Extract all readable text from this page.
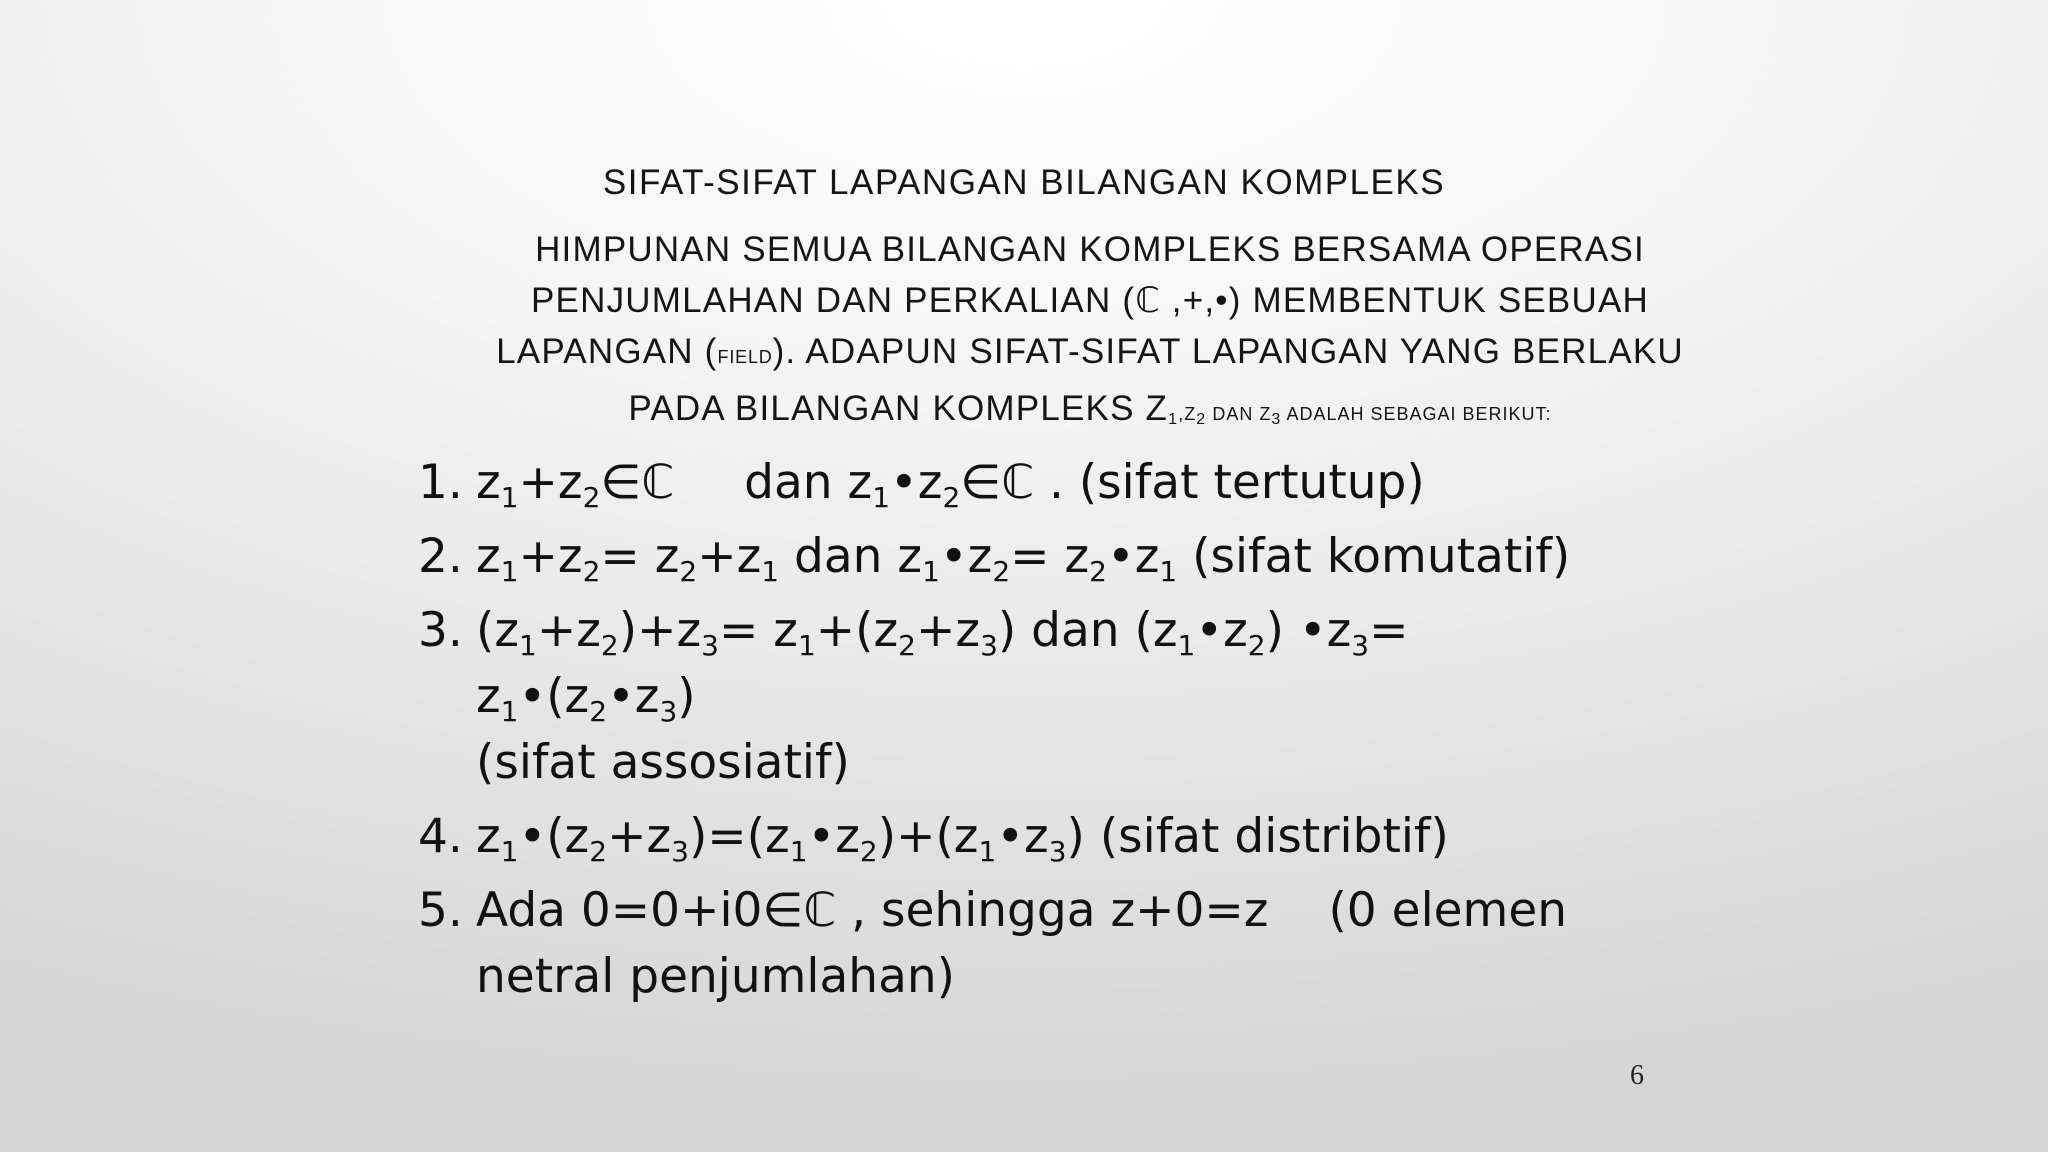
SIFAT-SIFAT LAPANGAN BILANGAN KOMPLEKS
HIMPUNAN SEMUA BILANGAN KOMPLEKS BERSAMA OPERASI
PENJUMLAHAN DAN PERKALIAN (ℂ ,+,•) MEMBENTUK SEBUAH
LAPANGAN (FIELD). ADAPUN SIFAT-SIFAT LAPANGAN YANG BERLAKU
PADA BILANGAN KOMPLEKS $Z_1,Z_2$ DAN $Z_3$ ADALAH SEBAGAI BERIKUT:
1. $z_1+z_2\in ℂ$ dan $z_1•z_2\in ℂ$ . (sifat tertutup)
2. $z_1+z_2= z_2+z_1$ dan $z_1•z_2=$ $z_2•z_1$ (sifat komutatif)
3. $(z_1+z_2)+z_3= z_1+(z_2+z_3)$ dan $(z_1•z_2)$ $•z_3=$ $z_1•(z_2•z_3)$
(sifat assosiatif)
4. $z_1•(z_2+z_3)=(z_1•z_2)+(z_1•z_3)$ (sifat distribtif)
5. Ada 0=0+i0∈ℂ , sehingga z+0=z (0 elemen
netral penjumlahan)
6
